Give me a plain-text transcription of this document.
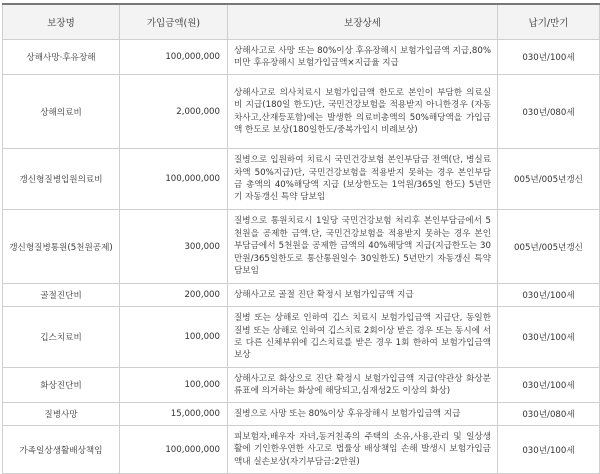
보장명	가입금액(원)	보장상세	납기/만기
상해사망·후유장해	100,000,000	상해사고로 사망 또는 80%이상 후유장해시 보험가입금액 지급,80%미만 후유장해시 보험가입금액×지급율 지급	030년/100세
상해의료비	2,000,000	상해사고로 의사치료시 보험가입금액 한도로 본인이 부담한 의료실비 지급(180일 한도)단, 국민건강보험을 적용받지 아니한경우 (자동차사고,산재등포함)에는 발생한 의료비총액의 50%해당액을 가입금액 한도로 보상(180일한도/중복가입시 비례보상)	030년/080세
갱신형질병입원의료비	100,000,000	질병으로 입원하여 치료시 국민건강보험 본인부담금 전액(단, 병실료차액 50%지급)단, 국민건강보험을 적용받지 못하는 경우 본인부담금 총액의 40%해당액 지급 (보상한도는 1억원/365일 한도) 5년만기 자동갱신 특약 담보임	005년/005년갱신
갱신형질병통원(5천원공제)	300,000	질병으로 통원치료시 1일당 국민건강보험 처리후 본인부담금에서 5천원을 공제한 금액.단, 국민건강보험을 적용받지 못하는 경우 본인부담금에서 5천원을 공제한 금액의 40%해당액 지급(지급한도는 30만원/365일한도로 통산통원일수 30일한도) 5년만기 자동갱신 특약 담보임	005년/005년갱신
골절진단비	200,000	상해사고로 골절 진단 확정시 보험가입금액 지급	030년/100세
깁스치료비	100,000	질병 또는 상해로 인하여 깁스 치료시 보험가입금액 지급단, 동일한 질병 또는 상해로 인하여 깁스치료 2회이상 받은 경우 또는 동시에 서로 다른 신체부위에 깁스치료를 받은 경우 1회 한하여 보험가입금액 보상	030년/100세
화상진단비	100,000	상해사고로 화상으로 진단 확정시 보험가입금액 지급(약관상 화상분류표에 의거하는 화상에 해당되고,심재성2도 이상의 화상)	030년/100세
질병사망	15,000,000	질병으로 사망 또는 80%이상 후유장해시 보험가입금액 지급	030년/080세
가족일상생활배상책임	100,000,000	피보험자,배우자 자녀,동거친족의 주택의 소유,사용,관리 및 일상생활에 기인한우연한 사고로 법률상 배상책임 손해 발생시 보험가입금액내 실손보상(자기부담금:2만원)	030년/100세
